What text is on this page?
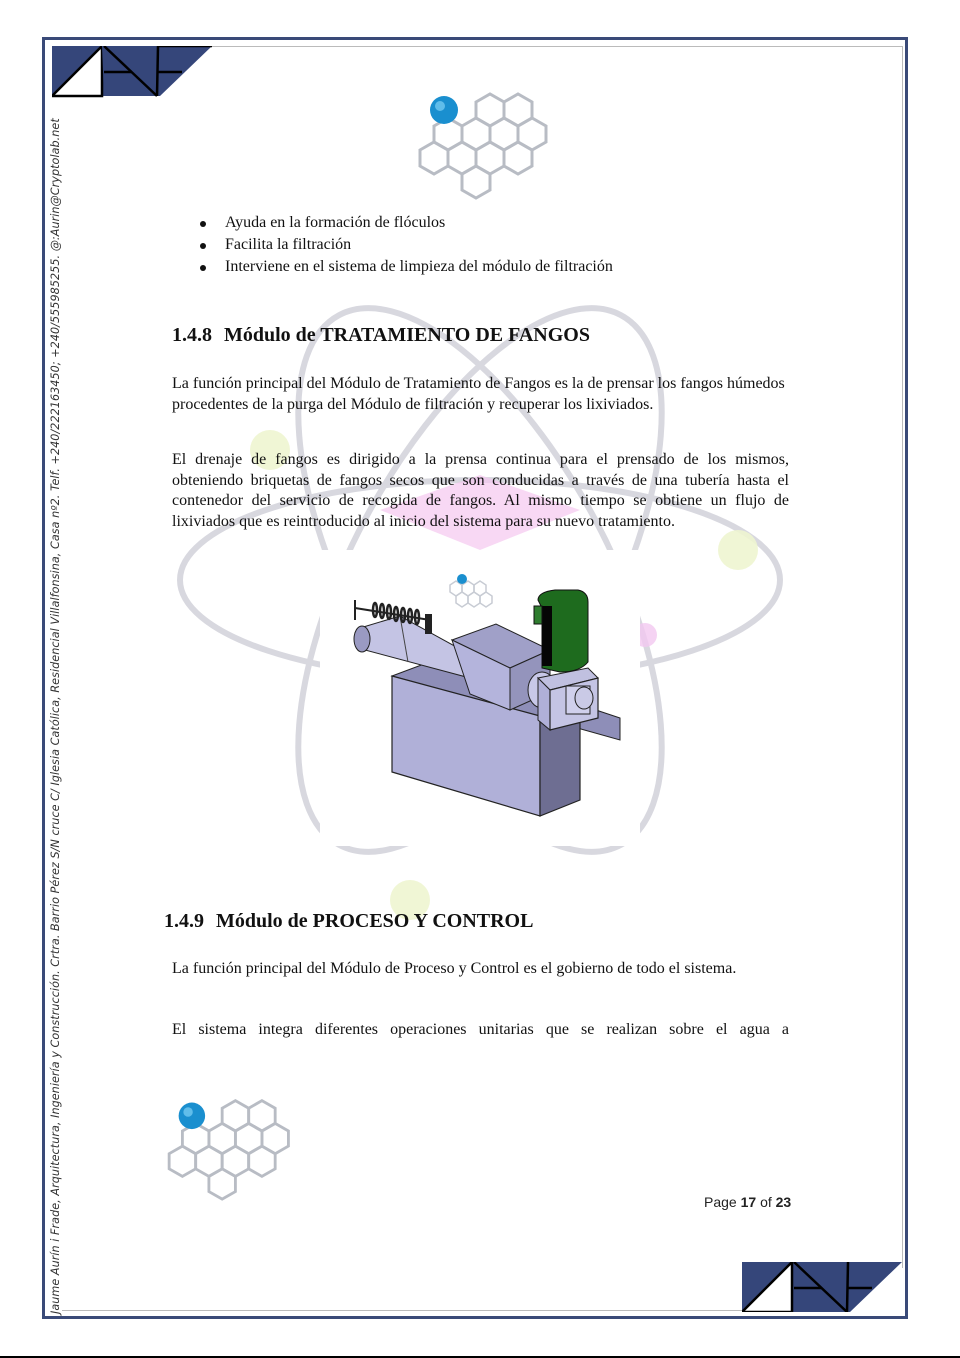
Jaume Aurín i Frade, Arquitectura, Ingeniería y Construcción. Crtra. Barrio Pérez S/N cruce C/ Iglesia Católica, Residencial Villalfonsina, Casa nº2. Telf. +240/222163450; +240/555985255. @:Aurin@Cryptolab.net	Ayuda en la formación de flóculos
Facilita la filtración
Interviene en el sistema de limpieza del módulo de filtración
1.4.8 Módulo de TRATAMIENTO DE FANGOS

La función principal del Módulo de Tratamiento de Fangos es la de prensar los fangos húmedos procedentes de la purga del Módulo de filtración y recuperar los lixiviados.

El drenaje de fangos es dirigido a la prensa continua para el prensado de los mismos, obteniendo briquetas de fangos secos que son conducidas a través de una tubería hasta el contenedor del servicio de recogida de fangos. Al mismo tiempo se obtiene un flujo de lixiviados que es reintroducido al inicio del sistema para su nuevo tratamiento.

1.4.9 Módulo de PROCESO Y CONTROL

La función principal del Módulo de Proceso y Control es el gobierno de todo el sistema.

El sistema integra diferentes operaciones unitarias que se realizan sobre el agua a

Page 17 of 23
